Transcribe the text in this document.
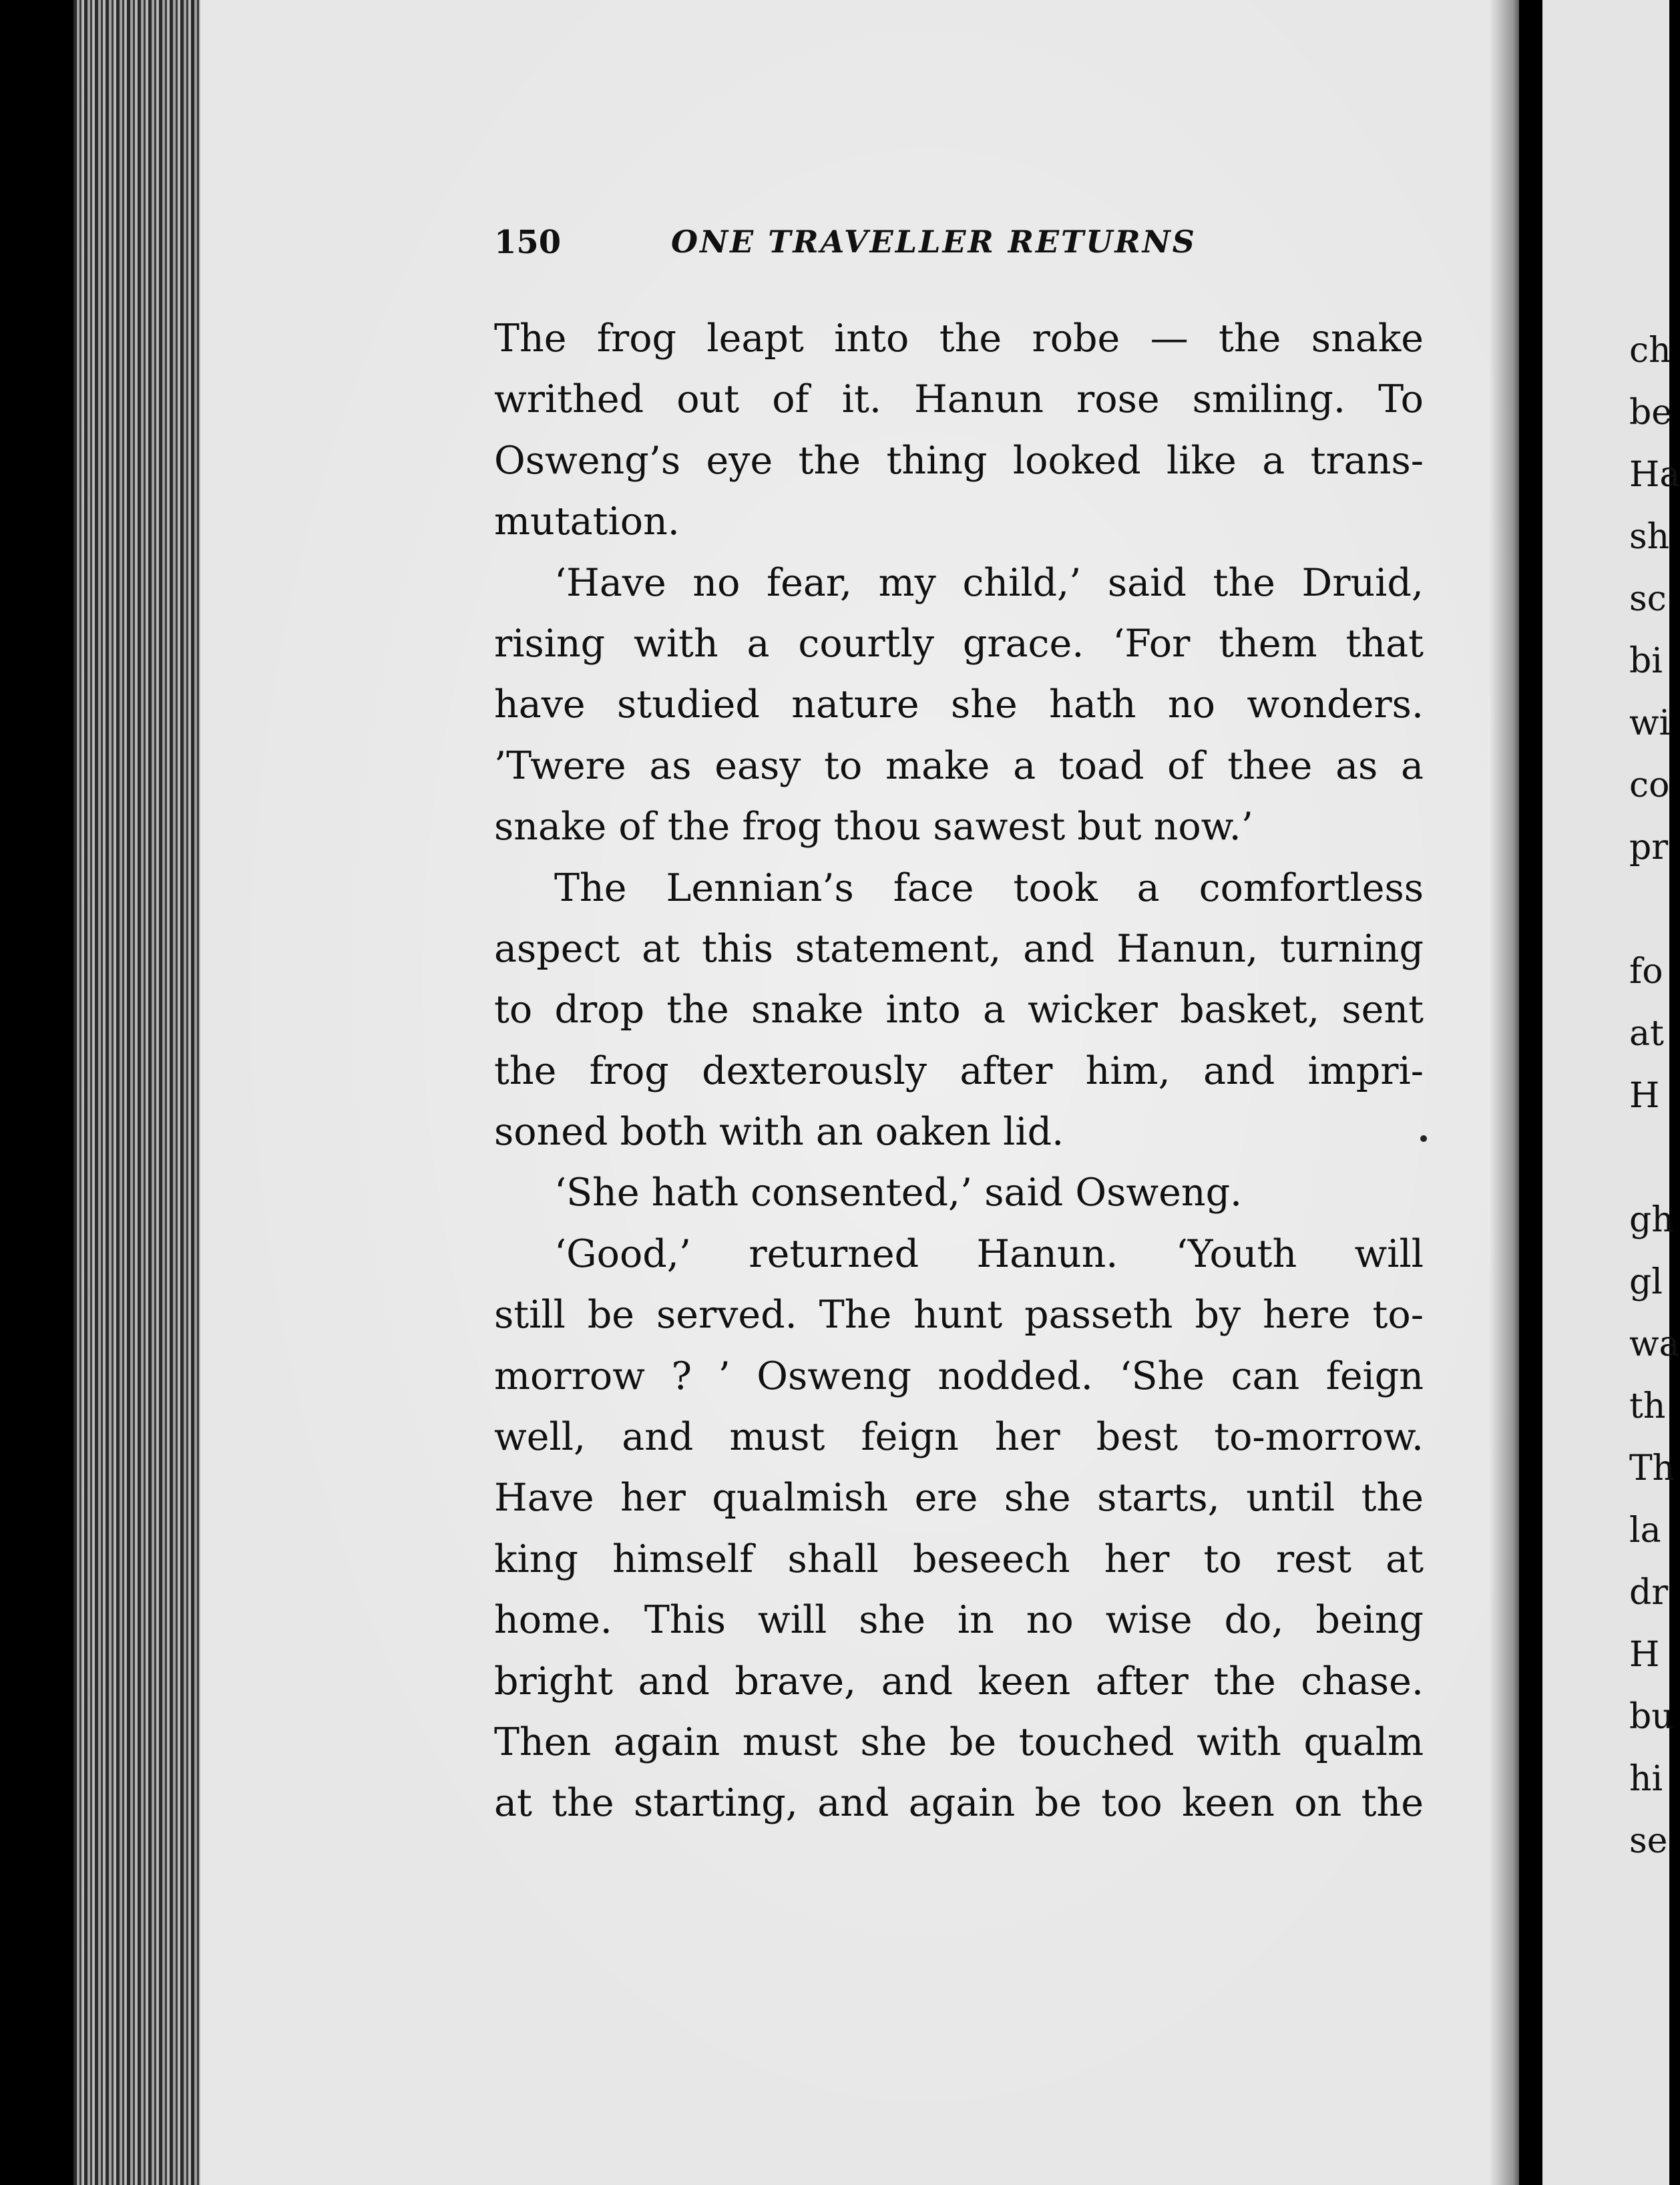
ch
be
Ha
sh
sc
bi
wi
co
pr
fo
at
H
gh
gl
wa
th
Th
la
dr
H
bu
hi
se
150	ONE TRAVELLER RETURNS
The frog leapt into the robe — the snake
writhed out of it. Hanun rose smiling. To
Osweng’s eye the thing looked like a trans-
mutation.
‘Have no fear, my child,’ said the Druid,
rising with a courtly grace. ‘For them that
have studied nature she hath no wonders.
’Twere as easy to make a toad of thee as a
snake of the frog thou sawest but now.’
The Lennian’s face took a comfortless
aspect at this statement, and Hanun, turning
to drop the snake into a wicker basket, sent
the frog dexterously after him, and impri-
soned both with an oaken lid.
‘She hath consented,’ said Osweng.
‘Good,’ returned Hanun. ‘Youth will
still be served. The hunt passeth by here to-
morrow ? ’ Osweng nodded. ‘She can feign
well, and must feign her best to-morrow.
Have her qualmish ere she starts, until the
king himself shall beseech her to rest at
home. This will she in no wise do, being
bright and brave, and keen after the chase.
Then again must she be touched with qualm
at the starting, and again be too keen on the
